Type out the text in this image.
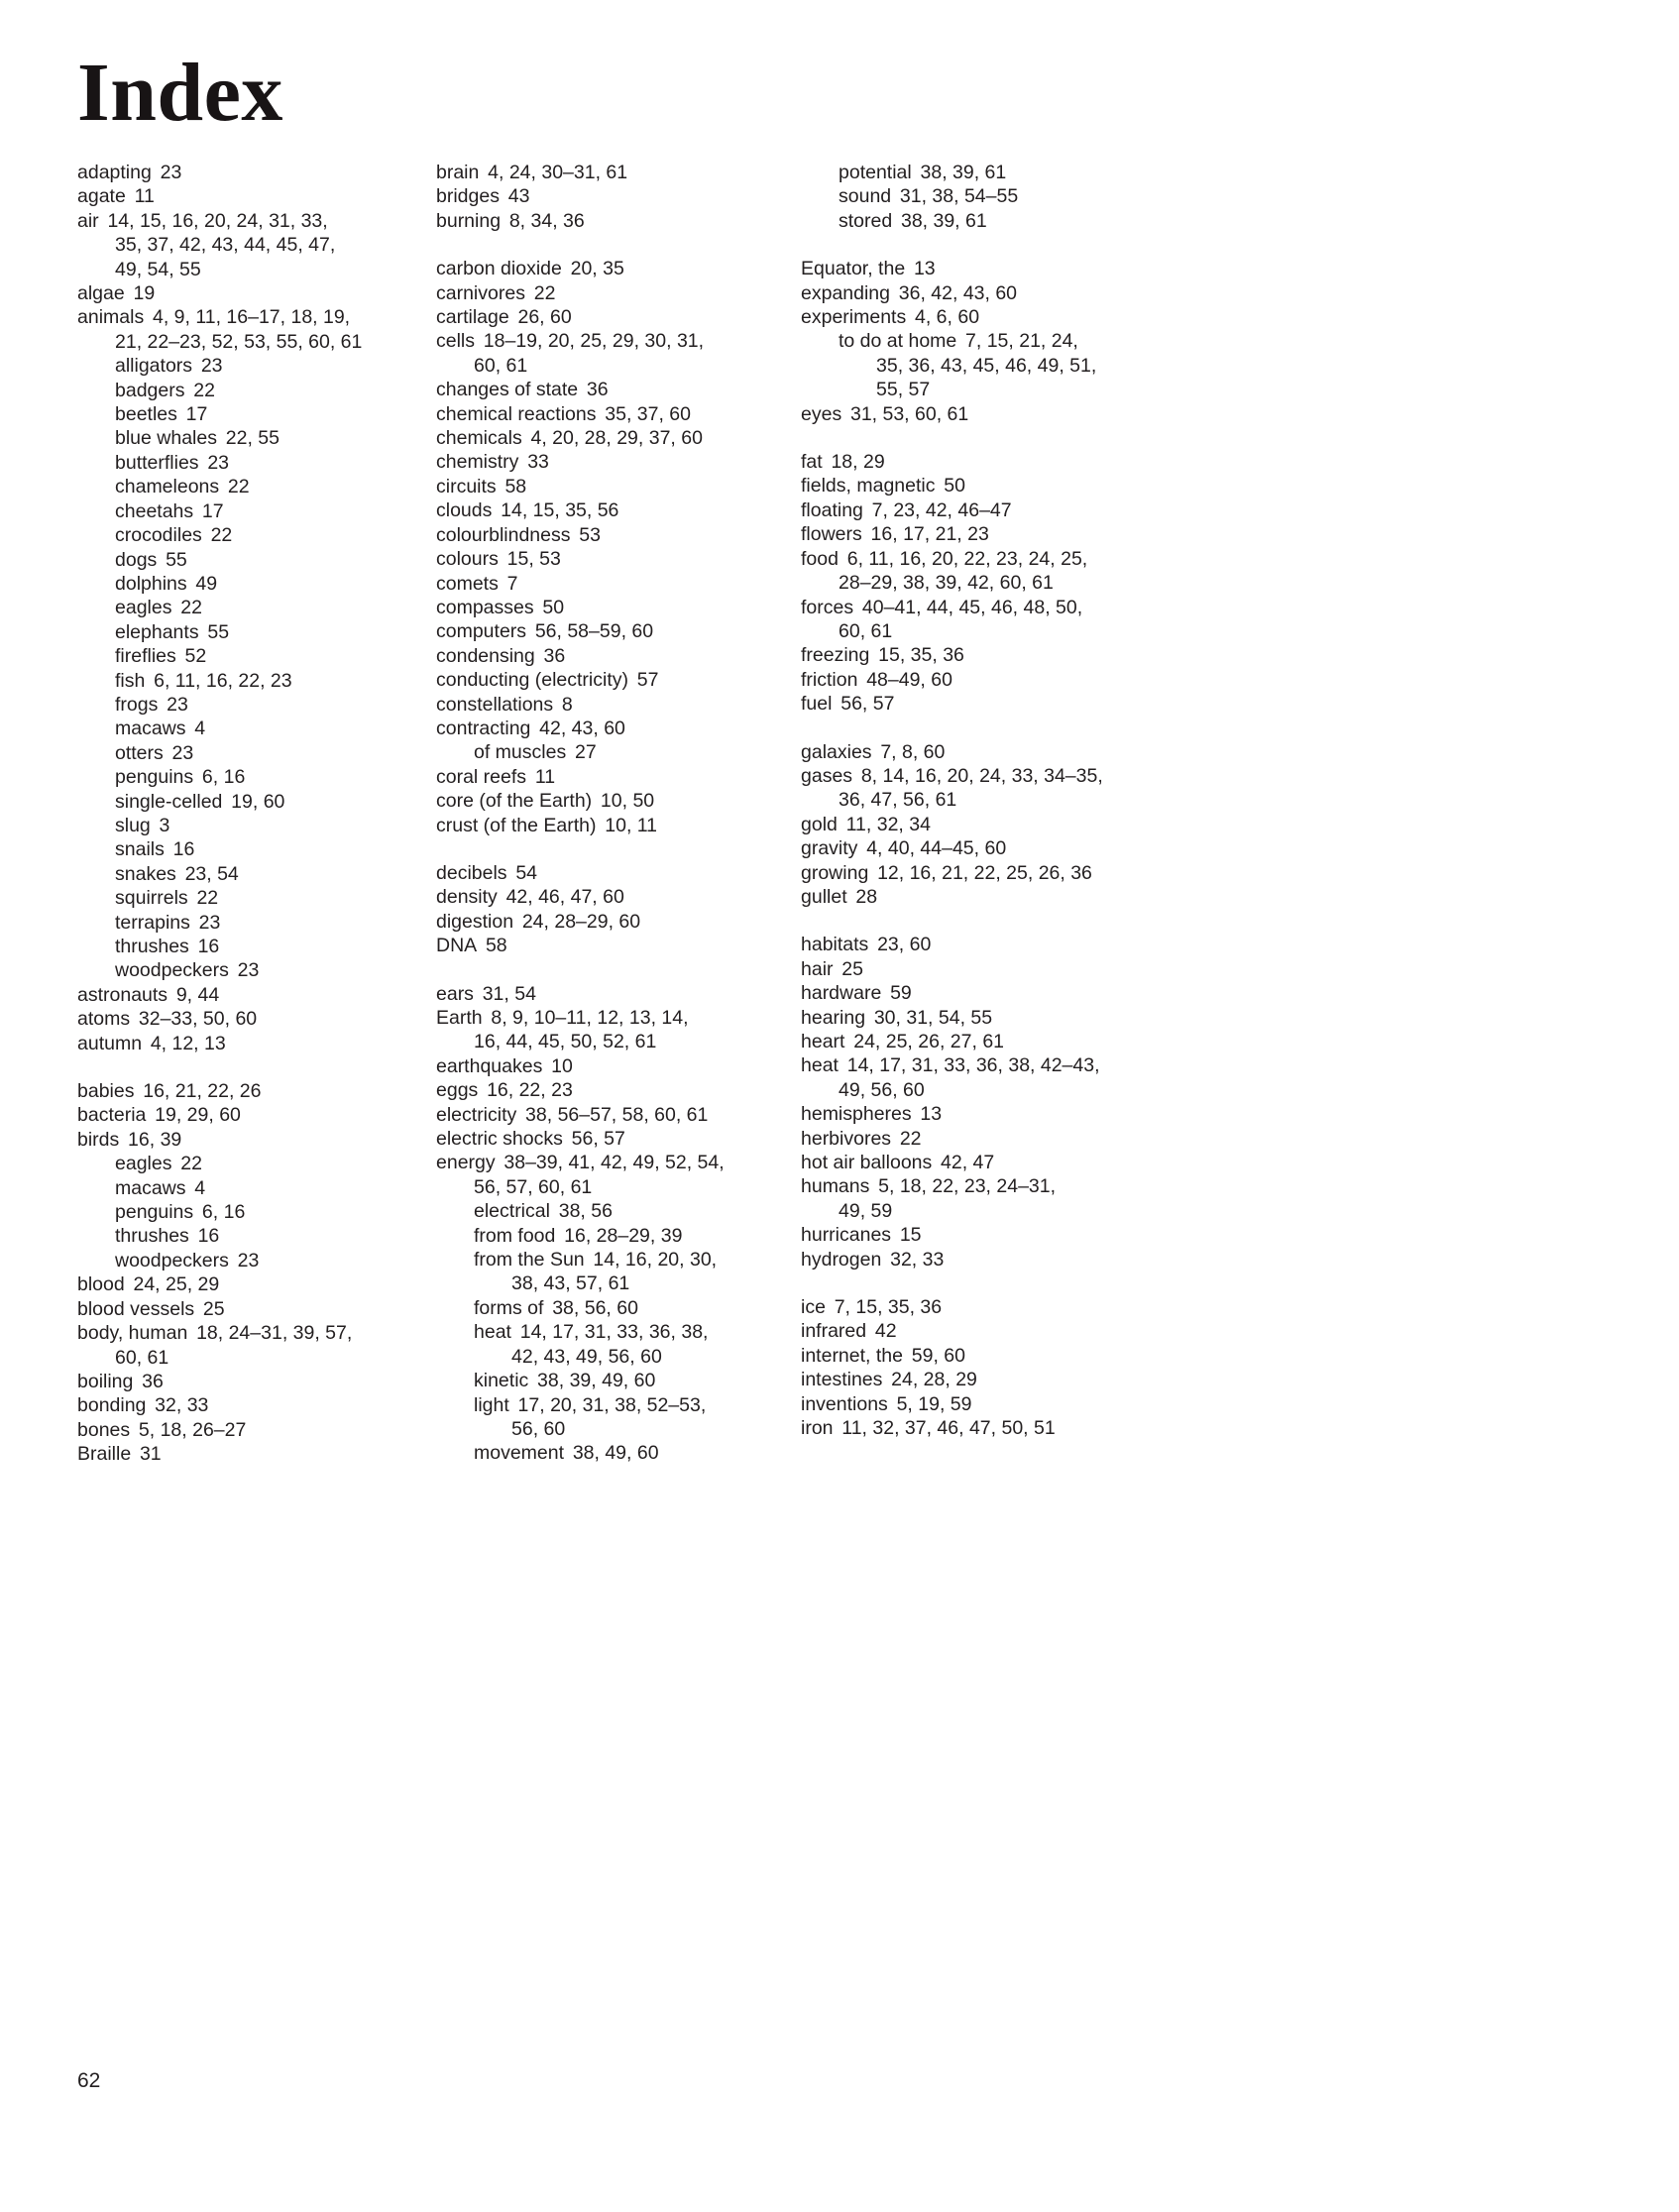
Index
adapting 23
agate 11
air 14, 15, 16, 20, 24, 31, 33,
35, 37, 42, 43, 44, 45, 47,
49, 54, 55
algae 19
animals 4, 9, 11, 16–17, 18, 19,
21, 22–23, 52, 53, 55, 60, 61
alligators 23
badgers 22
beetles 17
blue whales 22, 55
butterflies 23
chameleons 22
cheetahs 17
crocodiles 22
dogs 55
dolphins 49
eagles 22
elephants 55
fireflies 52
fish 6, 11, 16, 22, 23
frogs 23
macaws 4
otters 23
penguins 6, 16
single-celled 19, 60
slug 3
snails 16
snakes 23, 54
squirrels 22
terrapins 23
thrushes 16
woodpeckers 23
astronauts 9, 44
atoms 32–33, 50, 60
autumn 4, 12, 13
babies 16, 21, 22, 26
bacteria 19, 29, 60
birds 16, 39
eagles 22
macaws 4
penguins 6, 16
thrushes 16
woodpeckers 23
blood 24, 25, 29
blood vessels 25
body, human 18, 24–31, 39, 57,
60, 61
boiling 36
bonding 32, 33
bones 5, 18, 26–27
Braille 31
brain 4, 24, 30–31, 61
bridges 43
burning 8, 34, 36
carbon dioxide 20, 35
carnivores 22
cartilage 26, 60
cells 18–19, 20, 25, 29, 30, 31,
60, 61
changes of state 36
chemical reactions 35, 37, 60
chemicals 4, 20, 28, 29, 37, 60
chemistry 33
circuits 58
clouds 14, 15, 35, 56
colourblindness 53
colours 15, 53
comets 7
compasses 50
computers 56, 58–59, 60
condensing 36
conducting (electricity) 57
constellations 8
contracting 42, 43, 60
of muscles 27
coral reefs 11
core (of the Earth) 10, 50
crust (of the Earth) 10, 11
decibels 54
density 42, 46, 47, 60
digestion 24, 28–29, 60
DNA 58
ears 31, 54
Earth 8, 9, 10–11, 12, 13, 14,
16, 44, 45, 50, 52, 61
earthquakes 10
eggs 16, 22, 23
electricity 38, 56–57, 58, 60, 61
electric shocks 56, 57
energy 38–39, 41, 42, 49, 52, 54,
56, 57, 60, 61
electrical 38, 56
from food 16, 28–29, 39
from the Sun 14, 16, 20, 30,
38, 43, 57, 61
forms of 38, 56, 60
heat 14, 17, 31, 33, 36, 38,
42, 43, 49, 56, 60
kinetic 38, 39, 49, 60
light 17, 20, 31, 38, 52–53,
56, 60
movement 38, 49, 60
potential 38, 39, 61
sound 31, 38, 54–55
stored 38, 39, 61
Equator, the 13
expanding 36, 42, 43, 60
experiments 4, 6, 60
to do at home 7, 15, 21, 24,
35, 36, 43, 45, 46, 49, 51,
55, 57
eyes 31, 53, 60, 61
fat 18, 29
fields, magnetic 50
floating 7, 23, 42, 46–47
flowers 16, 17, 21, 23
food 6, 11, 16, 20, 22, 23, 24, 25,
28–29, 38, 39, 42, 60, 61
forces 40–41, 44, 45, 46, 48, 50,
60, 61
freezing 15, 35, 36
friction 48–49, 60
fuel 56, 57
galaxies 7, 8, 60
gases 8, 14, 16, 20, 24, 33, 34–35,
36, 47, 56, 61
gold 11, 32, 34
gravity 4, 40, 44–45, 60
growing 12, 16, 21, 22, 25, 26, 36
gullet 28
habitats 23, 60
hair 25
hardware 59
hearing 30, 31, 54, 55
heart 24, 25, 26, 27, 61
heat 14, 17, 31, 33, 36, 38, 42–43,
49, 56, 60
hemispheres 13
herbivores 22
hot air balloons 42, 47
humans 5, 18, 22, 23, 24–31,
49, 59
hurricanes 15
hydrogen 32, 33
ice 7, 15, 35, 36
infrared 42
internet, the 59, 60
intestines 24, 28, 29
inventions 5, 19, 59
iron 11, 32, 37, 46, 47, 50, 51
62
